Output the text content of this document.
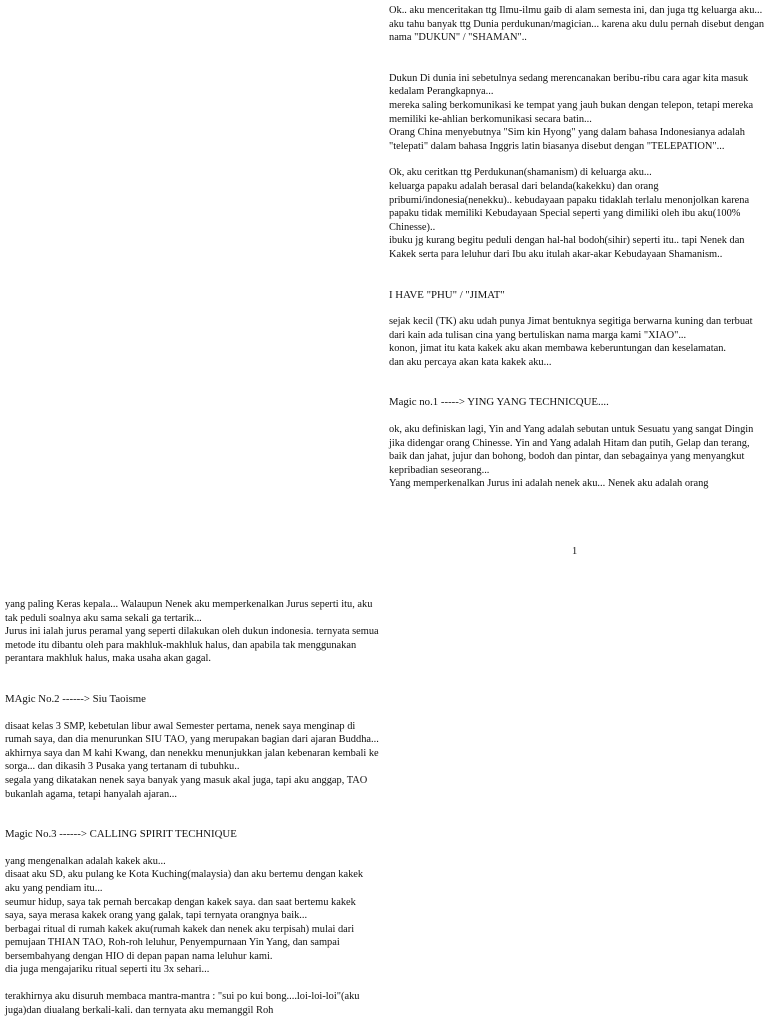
Ok.. aku menceritakan ttg Ilmu-ilmu gaib di alam semesta ini, dan juga ttg keluarga aku...
aku tahu banyak ttg Dunia perdukunan/magician... karena aku dulu pernah disebut dengan nama "DUKUN" / "SHAMAN"..

Dukun Di dunia ini sebetulnya sedang merencanakan beribu-ribu cara agar kita masuk kedalam Perangkapnya...
mereka saling berkomunikasi ke tempat yang jauh bukan dengan telepon, tetapi mereka memiliki ke-ahlian berkomunikasi secara batin...
Orang China menyebutnya "Sim kin Hyong" yang dalam bahasa Indonesianya adalah "telepati" dalam bahasa Inggris latin biasanya disebut dengan "TELEPATION"...

Ok, aku ceritkan ttg Perdukunan(shamanism) di keluarga aku...
keluarga papaku adalah berasal dari belanda(kakekku) dan orang pribumi/indonesia(nenekku).. kebudayaan papaku tidaklah terlalu menonjolkan karena papaku tidak memiliki Kebudayaan Special seperti yang dimiliki oleh ibu aku(100% Chinesse)..
ibuku jg kurang begitu peduli dengan hal-hal bodoh(sihir) seperti itu.. tapi Nenek dan Kakek serta para leluhur dari Ibu aku itulah akar-akar Kebudayaan Shamanism..

I HAVE "PHU" / "JIMAT"

sejak kecil (TK) aku udah punya Jimat bentuknya segitiga berwarna kuning dan terbuat dari kain ada tulisan cina yang bertuliskan nama marga kami "XIAO"...
konon, jimat itu kata kakek aku akan membawa keberuntungan dan keselamatan.
dan aku percaya akan kata kakek aku...

Magic no.1 -----> YING YANG TECHNICQUE....

ok, aku definiskan lagi, Yin and Yang adalah sebutan untuk Sesuatu yang sangat Dingin jika didengar orang Chinesse. Yin and Yang adalah Hitam dan putih, Gelap dan terang, baik dan jahat, jujur dan bohong, bodoh dan pintar, dan sebagainya yang menyangkut kepribadian seseorang...
Yang memperkenalkan Jurus ini adalah nenek aku... Nenek aku adalah orang

1

yang paling Keras kepala... Walaupun Nenek aku memperkenalkan Jurus seperti itu, aku tak peduli soalnya aku sama sekali ga tertarik...
Jurus ini ialah jurus peramal yang seperti dilakukan oleh dukun indonesia. ternyata semua metode itu dibantu oleh para makhluk-makhluk halus, dan apabila tak menggunakan perantara makhluk halus, maka usaha akan gagal.

MAgic No.2 ------> Siu Taoisme

disaat kelas 3 SMP, kebetulan libur awal Semester pertama, nenek saya menginap di rumah saya, dan dia menurunkan SIU TAO, yang merupakan bagian dari ajaran Buddha...
akhirnya saya dan M kahi Kwang, dan nenekku menunjukkan jalan kebenaran kembali ke sorga... dan dikasih 3 Pusaka yang tertanam di tubuhku..
segala yang dikatakan nenek saya banyak yang masuk akal juga, tapi aku anggap, TAO bukanlah agama, tetapi hanyalah ajaran...

Magic No.3 ------> CALLING SPIRIT TECHNIQUE

yang mengenalkan adalah kakek aku...
disaat aku SD, aku pulang ke Kota Kuching(malaysia) dan aku bertemu dengan kakek aku yang pendiam itu...
seumur hidup, saya tak pernah bercakap dengan kakek saya. dan saat bertemu kakek saya, saya merasa kakek orang yang galak, tapi ternyata orangnya baik...
berbagai ritual di rumah kakek aku(rumah kakek dan nenek aku terpisah) mulai dari pemujaan THIAN TAO, Roh-roh leluhur, Penyempurnaan Yin Yang, dan sampai bersembahyang dengan HIO di depan papan nama leluhur kami.
dia juga mengajariku ritual seperti itu 3x sehari...

terakhirnya aku disuruh membaca mantra-mantra : "sui po kui bong....loi-loi-loi"(aku juga)dan diualang berkali-kali. dan ternyata aku memanggil Roh
